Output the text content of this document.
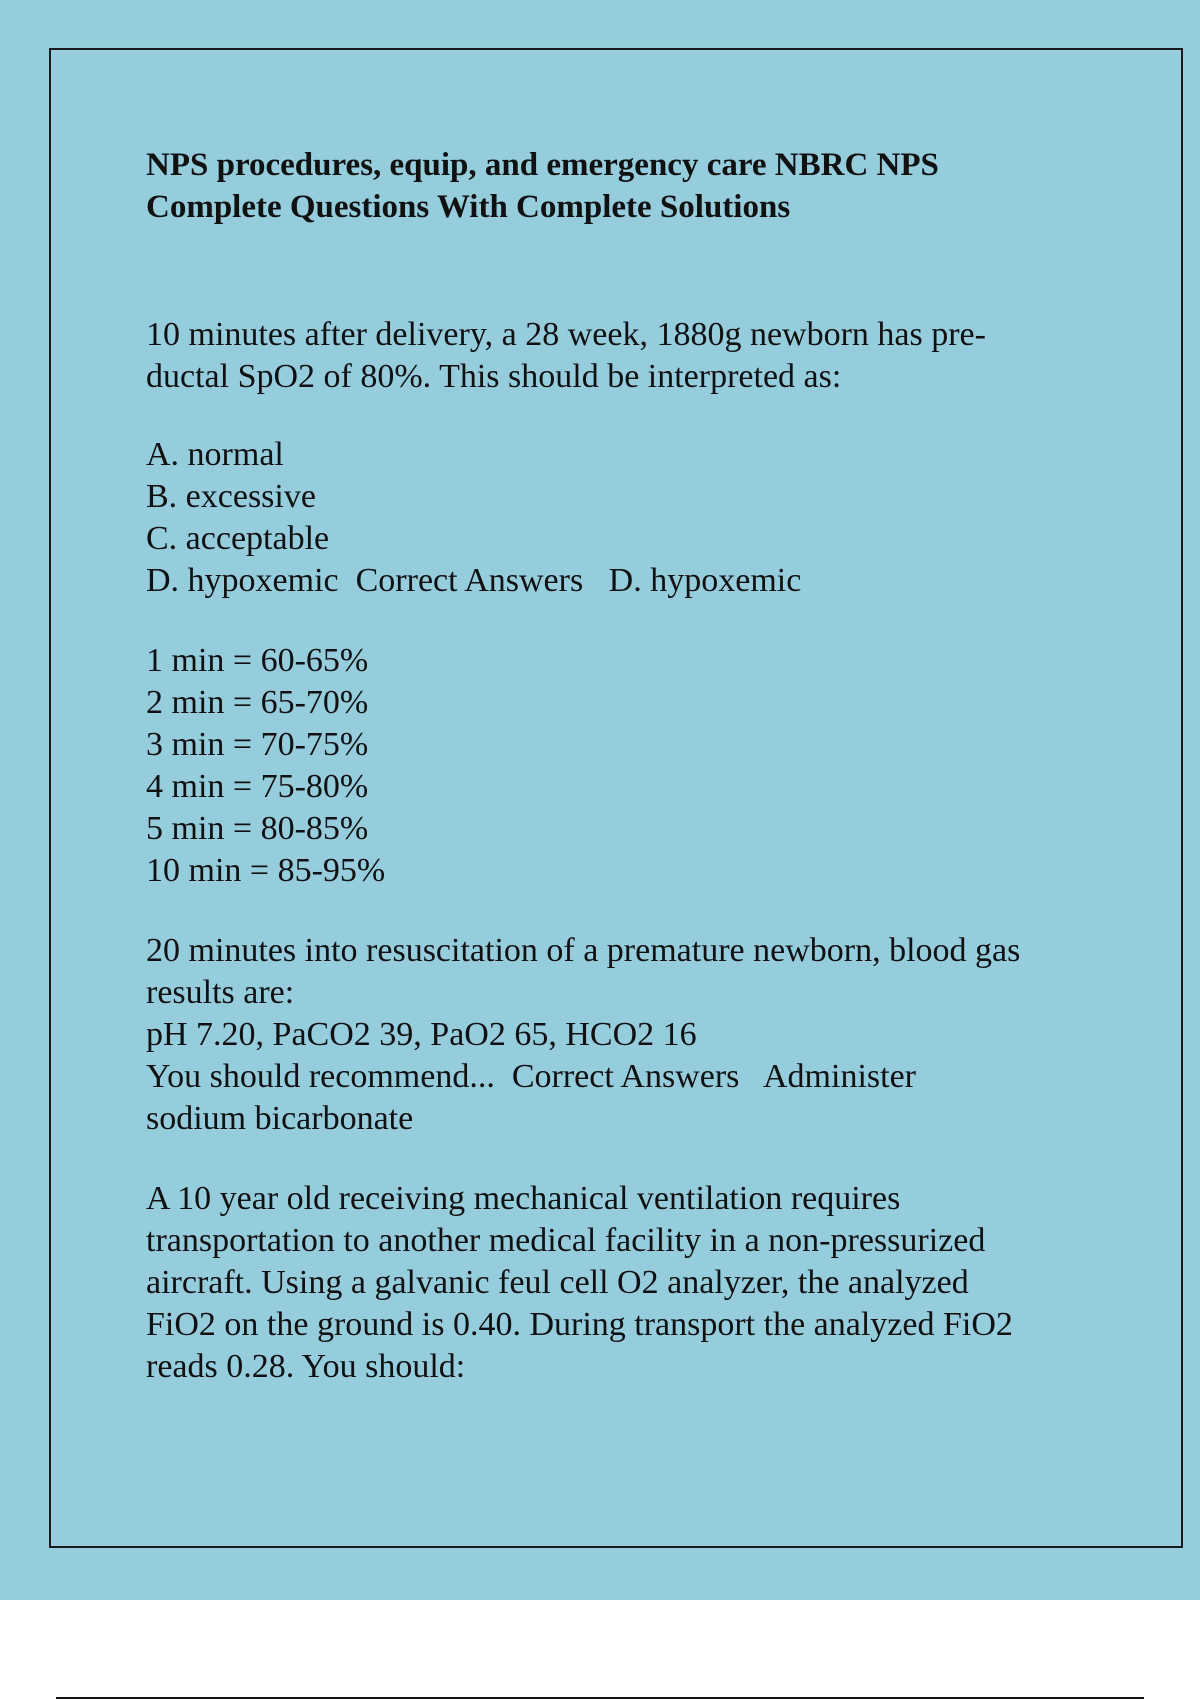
NPS procedures, equip, and emergency care NBRC NPS
Complete Questions With Complete Solutions
10 minutes after delivery, a 28 week, 1880g newborn has pre-
ductal SpO2 of 80%. This should be interpreted as:
A. normal
B. excessive
C. acceptable
D. hypoxemic  Correct Answers   D. hypoxemic
1 min = 60-65%
2 min = 65-70%
3 min = 70-75%
4 min = 75-80%
5 min = 80-85%
10 min = 85-95%
20 minutes into resuscitation of a premature newborn, blood gas
results are:
pH 7.20, PaCO2 39, PaO2 65, HCO2 16
You should recommend...  Correct Answers   Administer
sodium bicarbonate
A 10 year old receiving mechanical ventilation requires
transportation to another medical facility in a non-pressurized
aircraft. Using a galvanic feul cell O2 analyzer, the analyzed
FiO2 on the ground is 0.40. During transport the analyzed FiO2
reads 0.28. You should:
